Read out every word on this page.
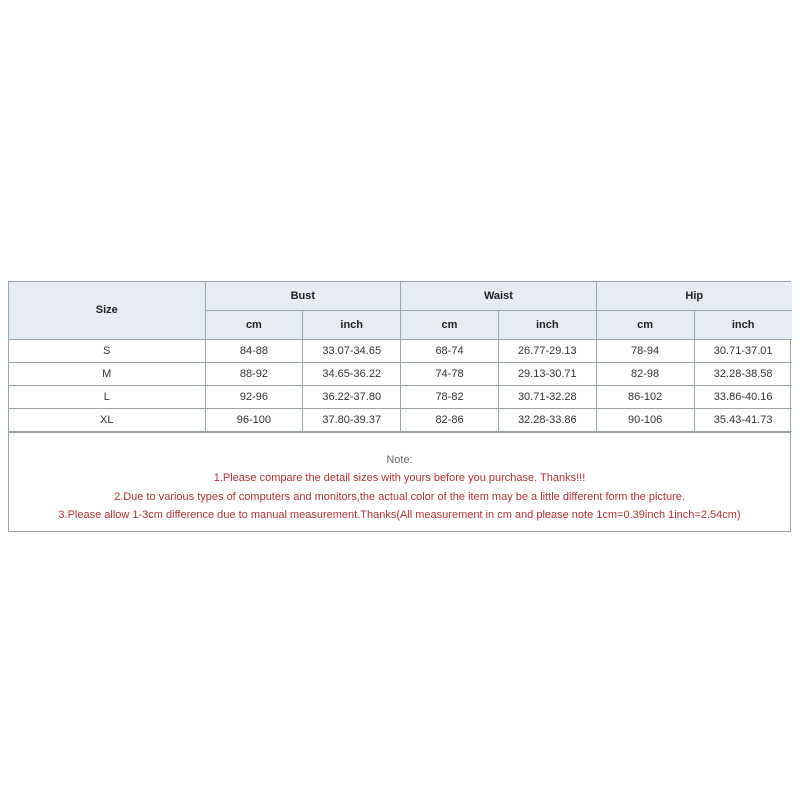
Size	Bust		Waist		Hip	
	cm	inch	cm	inch	cm	inch
S	84-88	33.07-34.65	68-74	26.77-29.13	78-94	30.71-37.01
M	88-92	34.65-36.22	74-78	29.13-30.71	82-98	32.28-38.58
L	92-96	36.22-37.80	78-82	30.71-32.28	86-102	33.86-40.16
XL	96-100	37.80-39.37	82-86	32.28-33.86	90-106	35.43-41.73
Note:
1.Please compare the detail sizes with yours before you purchase. Thanks!!!
2.Due to various types of computers and monitors,the actual color of the item may be a little different form the picture.
3.Please allow 1-3cm difference due to manual measurement.Thanks(All measurement in cm and please note 1cm=0.39inch 1inch=2.54cm)
